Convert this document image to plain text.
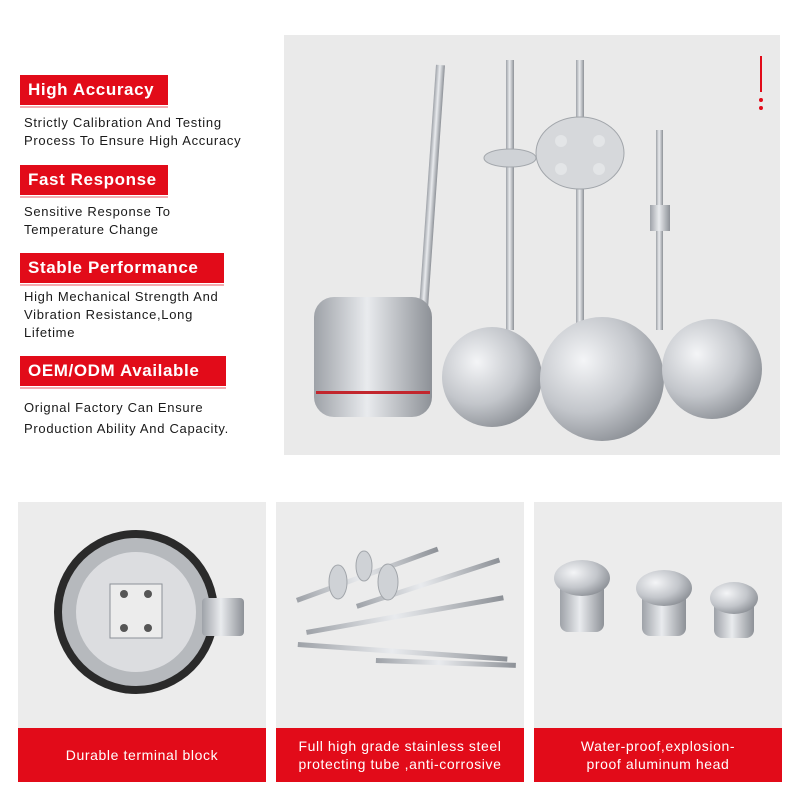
High Accuracy
Strictly Calibration And Testing
Process To Ensure High Accuracy
Fast Response
Sensitive Response To
Temperature Change
Stable Performance
High Mechanical Strength And
Vibration Resistance,Long
Lifetime
OEM/ODM Available
Orignal Factory Can Ensure
Production Ability And Capacity.
Durable terminal block
Full high grade stainless steel
protecting tube ,anti-corrosive
Water-proof,explosion-
proof aluminum head
